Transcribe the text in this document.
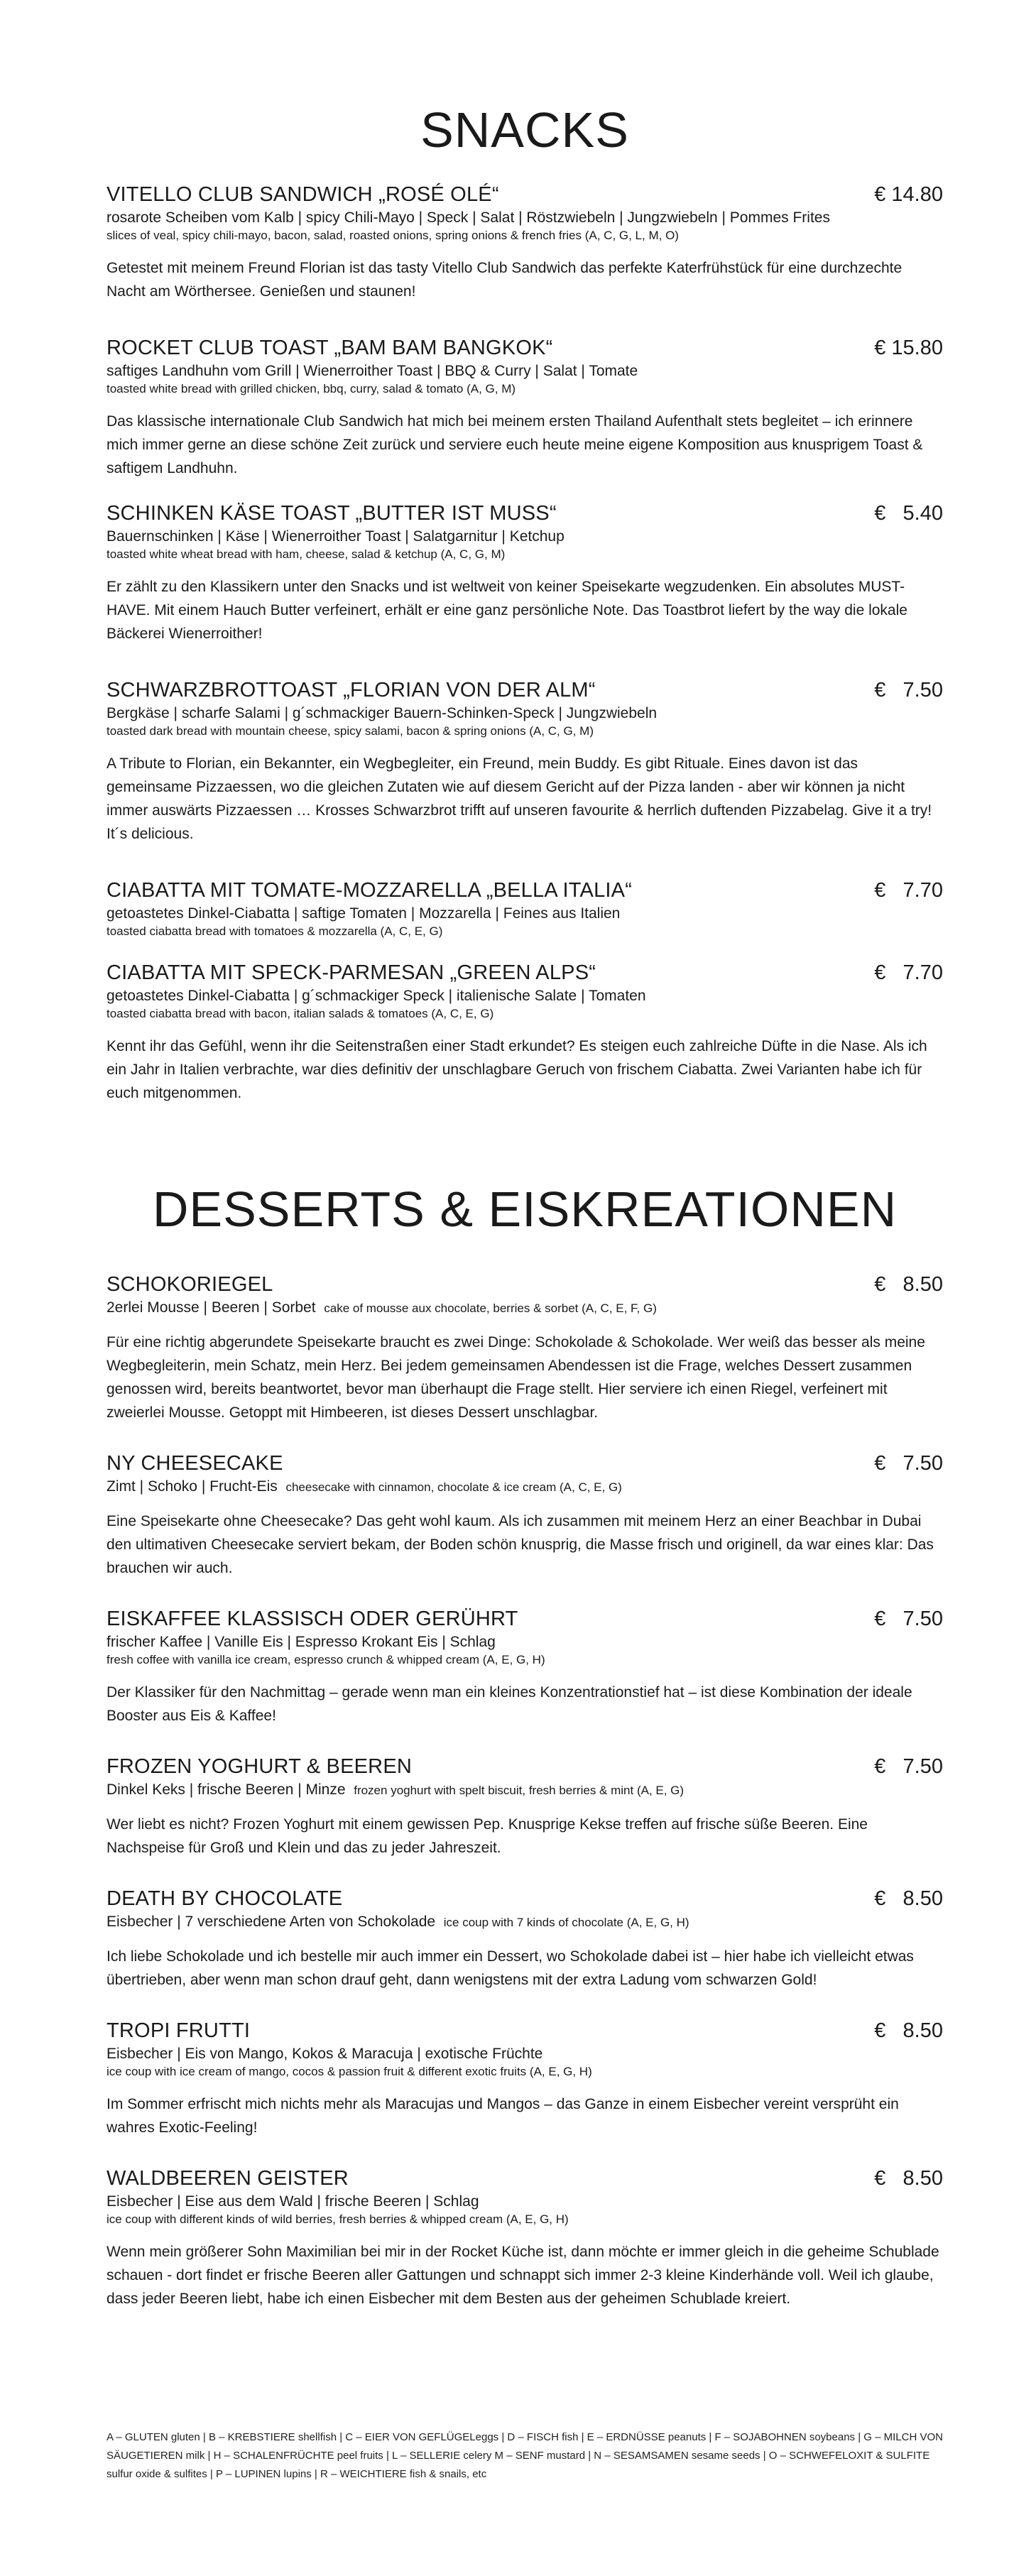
SNACKS
VITELLO CLUB SANDWICH „ROSÉ OLÉ“	€ 14.80
rosarote Scheiben vom Kalb | spicy Chili-Mayo | Speck | Salat | Röstzwiebeln | Jungzwiebeln | Pommes Frites
slices of veal, spicy chili-mayo, bacon, salad, roasted onions, spring onions & french fries (A, C, G, L, M, O)
Getestet mit meinem Freund Florian ist das tasty Vitello Club Sandwich das perfekte Katerfrühstück für eine durchzechte Nacht am Wörthersee. Genießen und staunen!
ROCKET CLUB TOAST „BAM BAM BANGKOK“	€ 15.80
saftiges Landhuhn vom Grill | Wienerroither Toast | BBQ & Curry | Salat | Tomate
toasted white bread with grilled chicken, bbq, curry, salad & tomato (A, G, M)
Das klassische internationale Club Sandwich hat mich bei meinem ersten Thailand Aufenthalt stets begleitet – ich erinnere mich immer gerne an diese schöne Zeit zurück und serviere euch heute meine eigene Komposition aus knusprigem Toast & saftigem Landhuhn.
SCHINKEN KÄSE TOAST „BUTTER IST MUSS“	€   5.40
Bauernschinken | Käse | Wienerroither Toast | Salatgarnitur | Ketchup
toasted white wheat bread with ham, cheese, salad & ketchup (A, C, G, M)
Er zählt zu den Klassikern unter den Snacks und ist weltweit von keiner Speisekarte wegzudenken. Ein absolutes MUST-HAVE. Mit einem Hauch Butter verfeinert, erhält er eine ganz persönliche Note. Das Toastbrot liefert by the way die lokale Bäckerei Wienerroither!
SCHWARZBROTTOAST „FLORIAN VON DER ALM“	€   7.50
Bergkäse | scharfe Salami | g´schmackiger Bauern-Schinken-Speck | Jungzwiebeln
toasted dark bread with mountain cheese, spicy salami, bacon & spring onions (A, C, G, M)
A Tribute to Florian, ein Bekannter, ein Wegbegleiter, ein Freund, mein Buddy. Es gibt Rituale. Eines davon ist das gemeinsame Pizzaessen, wo die gleichen Zutaten wie auf diesem Gericht auf der Pizza landen - aber wir können ja nicht immer auswärts Pizzaessen … Krosses Schwarzbrot trifft auf unseren favourite & herrlich duftenden Pizzabelag. Give it a try! It´s delicious.
CIABATTA MIT TOMATE-MOZZARELLA „BELLA ITALIA“	€   7.70
getoastetes Dinkel-Ciabatta | saftige Tomaten | Mozzarella | Feines aus Italien
toasted ciabatta bread with tomatoes & mozzarella (A, C, E, G)
CIABATTA MIT SPECK-PARMESAN „GREEN ALPS“	€   7.70
getoastetes Dinkel-Ciabatta | g´schmackiger Speck | italienische Salate | Tomaten
toasted ciabatta bread with bacon, italian salads & tomatoes (A, C, E, G)
Kennt ihr das Gefühl, wenn ihr die Seitenstraßen einer Stadt erkundet? Es steigen euch zahlreiche Düfte in die Nase. Als ich ein Jahr in Italien verbrachte, war dies definitiv der unschlagbare Geruch von frischem Ciabatta. Zwei Varianten habe ich für euch mitgenommen.
DESSERTS & EISKREATIONEN
SCHOKORIEGEL	€   8.50
2erlei Mousse | Beeren | Sorbet cake of mousse aux chocolate, berries & sorbet (A, C, E, F, G)
Für eine richtig abgerundete Speisekarte braucht es zwei Dinge: Schokolade & Schokolade. Wer weiß das besser als meine Wegbegleiterin, mein Schatz, mein Herz. Bei jedem gemeinsamen Abendessen ist die Frage, welches Dessert zusammen genossen wird, bereits beantwortet, bevor man überhaupt die Frage stellt. Hier serviere ich einen Riegel, verfeinert mit zweierlei Mousse. Getoppt mit Himbeeren, ist dieses Dessert unschlagbar.
NY CHEESECAKE	€   7.50
Zimt | Schoko | Frucht-Eis cheesecake with cinnamon, chocolate & ice cream (A, C, E, G)
Eine Speisekarte ohne Cheesecake? Das geht wohl kaum. Als ich zusammen mit meinem Herz an einer Beachbar in Dubai den ultimativen Cheesecake serviert bekam, der Boden schön knusprig, die Masse frisch und originell, da war eines klar: Das brauchen wir auch.
EISKAFFEE KLASSISCH ODER GERÜHRT	€   7.50
frischer Kaffee | Vanille Eis | Espresso Krokant Eis | Schlag
fresh coffee with vanilla ice cream, espresso crunch & whipped cream (A, E, G, H)
Der Klassiker für den Nachmittag – gerade wenn man ein kleines Konzentrationstief hat – ist diese Kombination der ideale Booster aus Eis & Kaffee!
FROZEN YOGHURT & BEEREN	€   7.50
Dinkel Keks | frische Beeren | Minze frozen yoghurt with spelt biscuit, fresh berries & mint (A, E, G)
Wer liebt es nicht? Frozen Yoghurt mit einem gewissen Pep. Knusprige Kekse treffen auf frische süße Beeren. Eine Nachspeise für Groß und Klein und das zu jeder Jahreszeit.
DEATH BY CHOCOLATE	€   8.50
Eisbecher | 7 verschiedene Arten von Schokolade ice coup with 7 kinds of chocolate (A, E, G, H)
Ich liebe Schokolade und ich bestelle mir auch immer ein Dessert, wo Schokolade dabei ist – hier habe ich vielleicht etwas übertrieben, aber wenn man schon drauf geht, dann wenigstens mit der extra Ladung vom schwarzen Gold!
TROPI FRUTTI	€   8.50
Eisbecher | Eis von Mango, Kokos & Maracuja | exotische Früchte
ice coup with ice cream of mango, cocos & passion fruit & different exotic fruits (A, E, G, H)
Im Sommer erfrischt mich nichts mehr als Maracujas und Mangos – das Ganze in einem Eisbecher vereint versprüht ein wahres Exotic-Feeling!
WALDBEEREN GEISTER	€   8.50
Eisbecher | Eise aus dem Wald | frische Beeren | Schlag
ice coup with different kinds of wild berries, fresh berries & whipped cream (A, E, G, H)
Wenn mein größerer Sohn Maximilian bei mir in der Rocket Küche ist, dann möchte er immer gleich in die geheime Schublade schauen - dort findet er frische Beeren aller Gattungen und schnappt sich immer 2-3 kleine Kinderhände voll. Weil ich glaube, dass jeder Beeren liebt, habe ich einen Eisbecher mit dem Besten aus der geheimen Schublade kreiert.
A – GLUTEN gluten | B – KREBSTIERE shellfish | C – EIER VON GEFLÜGELeggs | D – FISCH fish | E – ERDNÜSSE peanuts | F – SOJABOHNEN soybeans | G – MILCH VON SÄUGETIEREN milk | H – SCHALENFRÜCHTE peel fruits | L – SELLERIE celery M – SENF mustard | N – SESAMSAMEN sesame seeds | O – SCHWEFELOXIT & SULFITE sulfur oxide & sulfites | P – LUPINEN lupins | R – WEICHTIERE fish & snails, etc
